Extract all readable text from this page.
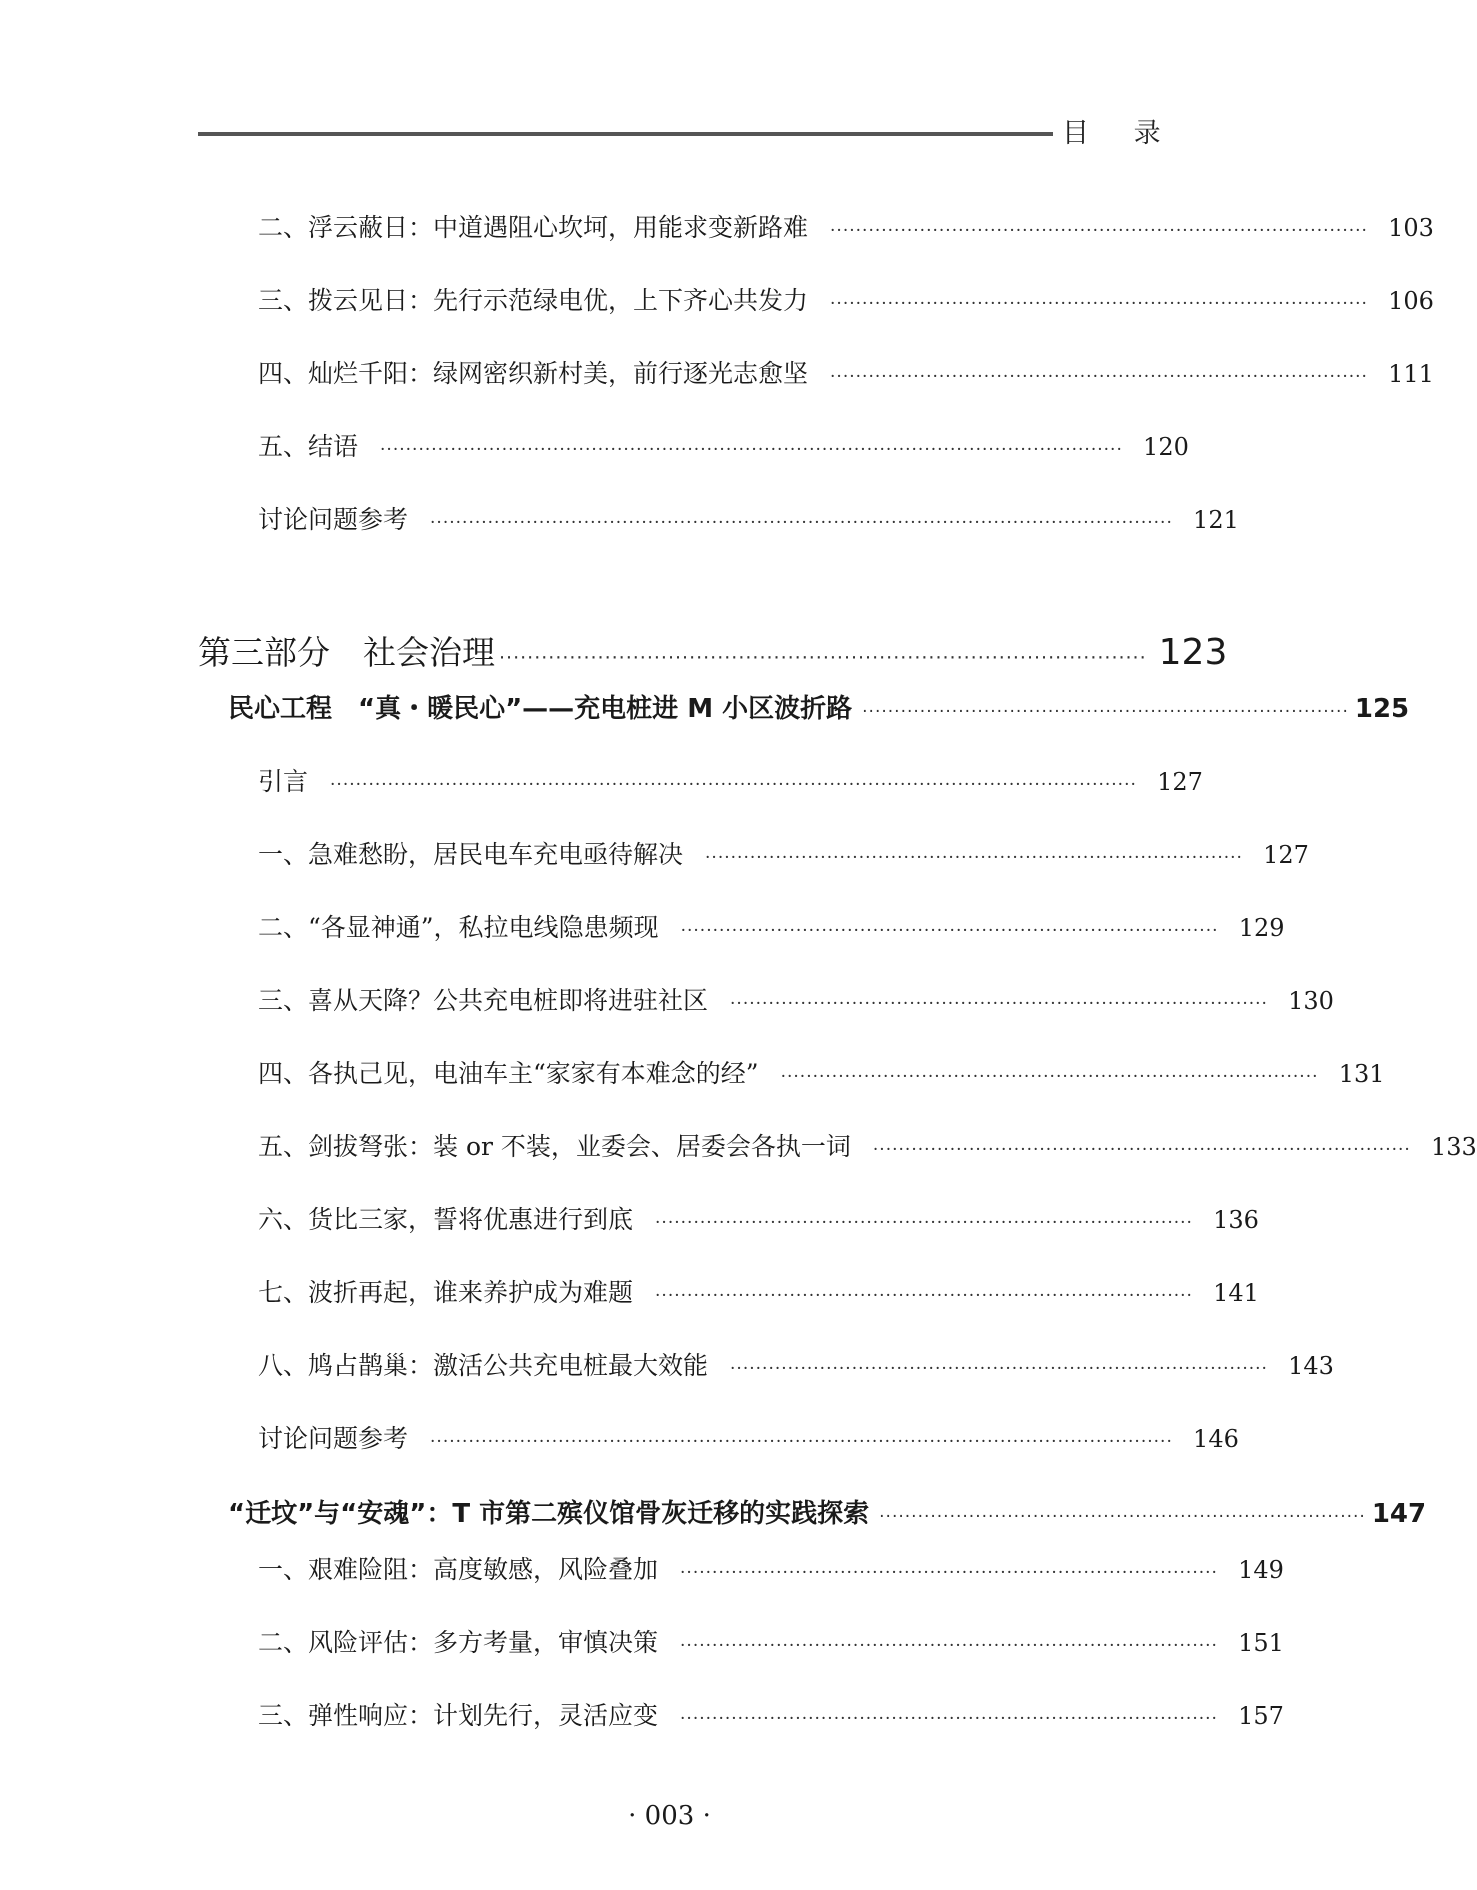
目 录
二、浮云蔽日：中道遇阻心坎坷，用能求变新路难 ···················································································· 103
三、拨云见日：先行示范绿电优，上下齐心共发力 ···················································································· 106
四、灿烂千阳：绿网密织新村美，前行逐光志愈坚 ···················································································· 111
五、结语 ···················································································································· 120
讨论问题参考 ···················································································································· 121
第三部分　社会治理 ···························································································· 123
民心工程　“真・暖民心”——充电桩进 M 小区波折路 ············································································ 125
引言 ······························································································································ 127
一、急难愁盼，居民电车充电亟待解决 ···················································································· 127
二、“各显神通”，私拉电线隐患频现 ···················································································· 129
三、喜从天降？公共充电桩即将进驻社区 ···················································································· 130
四、各执己见，电油车主“家家有本难念的经” ···················································································· 131
五、剑拔弩张：装 or 不装，业委会、居委会各执一词 ···················································································· 133
六、货比三家，誓将优惠进行到底 ···················································································· 136
七、波折再起，谁来养护成为难题 ···················································································· 141
八、鸠占鹊巢：激活公共充电桩最大效能 ···················································································· 143
讨论问题参考 ···················································································································· 146
“迁坟”与“安魂”：T 市第二殡仪馆骨灰迁移的实践探索 ············································································ 147
一、艰难险阻：高度敏感，风险叠加 ···················································································· 149
二、风险评估：多方考量，审慎决策 ···················································································· 151
三、弹性响应：计划先行，灵活应变 ···················································································· 157
· 003 ·
